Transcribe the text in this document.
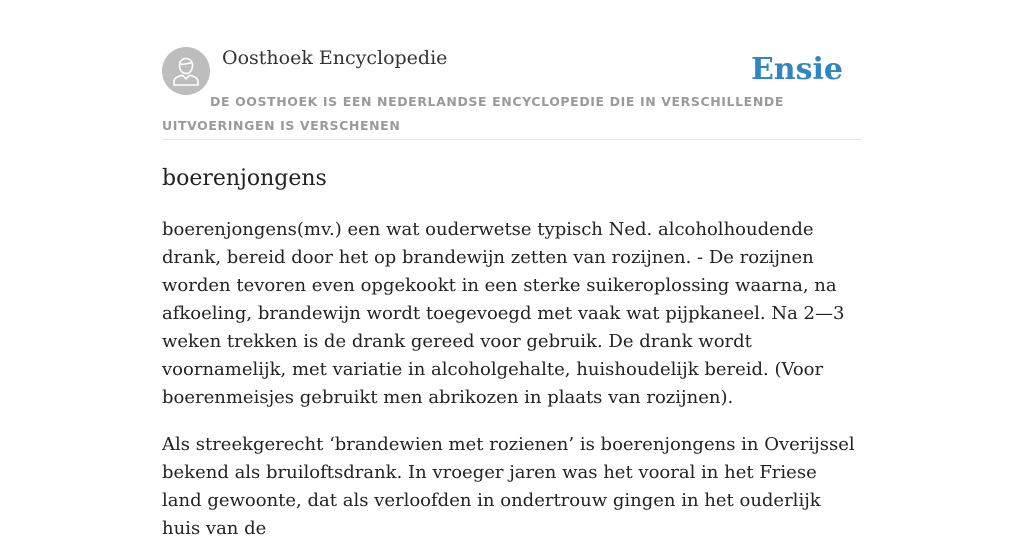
Oosthoek Encyclopedie	Ensie
DE OOSTHOEK IS EEN NEDERLANDSE ENCYCLOPEDIE DIE IN VERSCHILLENDE UITVOERINGEN IS VERSCHENEN
boerenjongens

boerenjongens(mv.) een wat ouderwetse typisch Ned. alcoholhoudende drank, bereid door het op brandewijn zetten van rozijnen. - De rozijnen worden tevoren even opgekookt in een sterke suikeroplossing waarna, na afkoeling, brandewijn wordt toegevoegd met vaak wat pijpkaneel. Na 2—3 weken trekken is de drank gereed voor gebruik. De drank wordt voornamelijk, met variatie in alcoholgehalte, huishoudelijk bereid. (Voor boerenmeisjes gebruikt men abrikozen in plaats van rozijnen).

Als streekgerecht ‘brandewien met rozienen’ is boerenjongens in Overijssel bekend als bruiloftsdrank. In vroeger jaren was het vooral in het Friese land gewoonte, dat als verloofden in ondertrouw gingen in het ouderlijk huis van de
